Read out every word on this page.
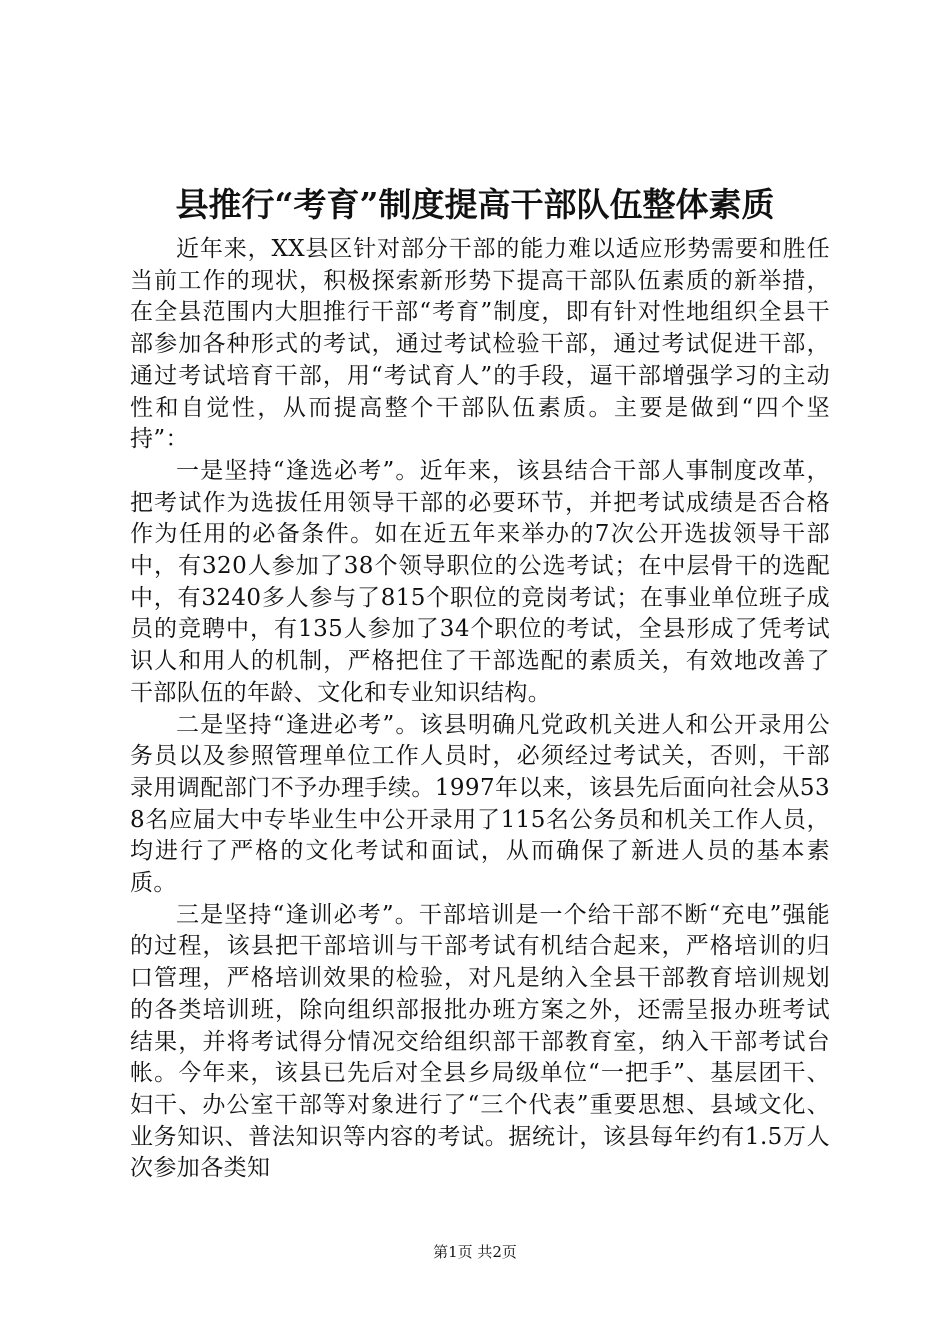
县推行“考育”制度提高干部队伍整体素质

近年来，XX县区针对部分干部的能力难以适应形势需要和胜任当前工作的现状，积极探索新形势下提高干部队伍素质的新举措，在全县范围内大胆推行干部“考育”制度，即有针对性地组织全县干部参加各种形式的考试，通过考试检验干部，通过考试促进干部，通过考试培育干部，用“考试育人”的手段，逼干部增强学习的主动性和自觉性，从而提高整个干部队伍素质。主要是做到“四个坚持”：

一是坚持“逢选必考”。近年来，该县结合干部人事制度改革，把考试作为选拔任用领导干部的必要环节，并把考试成绩是否合格作为任用的必备条件。如在近五年来举办的7次公开选拔领导干部中，有320人参加了38个领导职位的公选考试；在中层骨干的选配中，有3240多人参与了815个职位的竞岗考试；在事业单位班子成员的竞聘中，有135人参加了34个职位的考试，全县形成了凭考试识人和用人的机制，严格把住了干部选配的素质关，有效地改善了干部队伍的年龄、文化和专业知识结构。

二是坚持“逢进必考”。该县明确凡党政机关进人和公开录用公务员以及参照管理单位工作人员时，必须经过考试关，否则，干部录用调配部门不予办理手续。1997年以来，该县先后面向社会从538名应届大中专毕业生中公开录用了115名公务员和机关工作人员，均进行了严格的文化考试和面试，从而确保了新进人员的基本素质。

三是坚持“逢训必考”。干部培训是一个给干部不断“充电”强能的过程，该县把干部培训与干部考试有机结合起来，严格培训的归口管理，严格培训效果的检验，对凡是纳入全县干部教育培训规划的各类培训班，除向组织部报批办班方案之外，还需呈报办班考试结果，并将考试得分情况交给组织部干部教育室，纳入干部考试台帐。今年来，该县已先后对全县乡局级单位“一把手”、基层团干、妇干、办公室干部等对象进行了“三个代表”重要思想、县域文化、业务知识、普法知识等内容的考试。据统计，该县每年约有1.5万人次参加各类知

第1页 共2页
